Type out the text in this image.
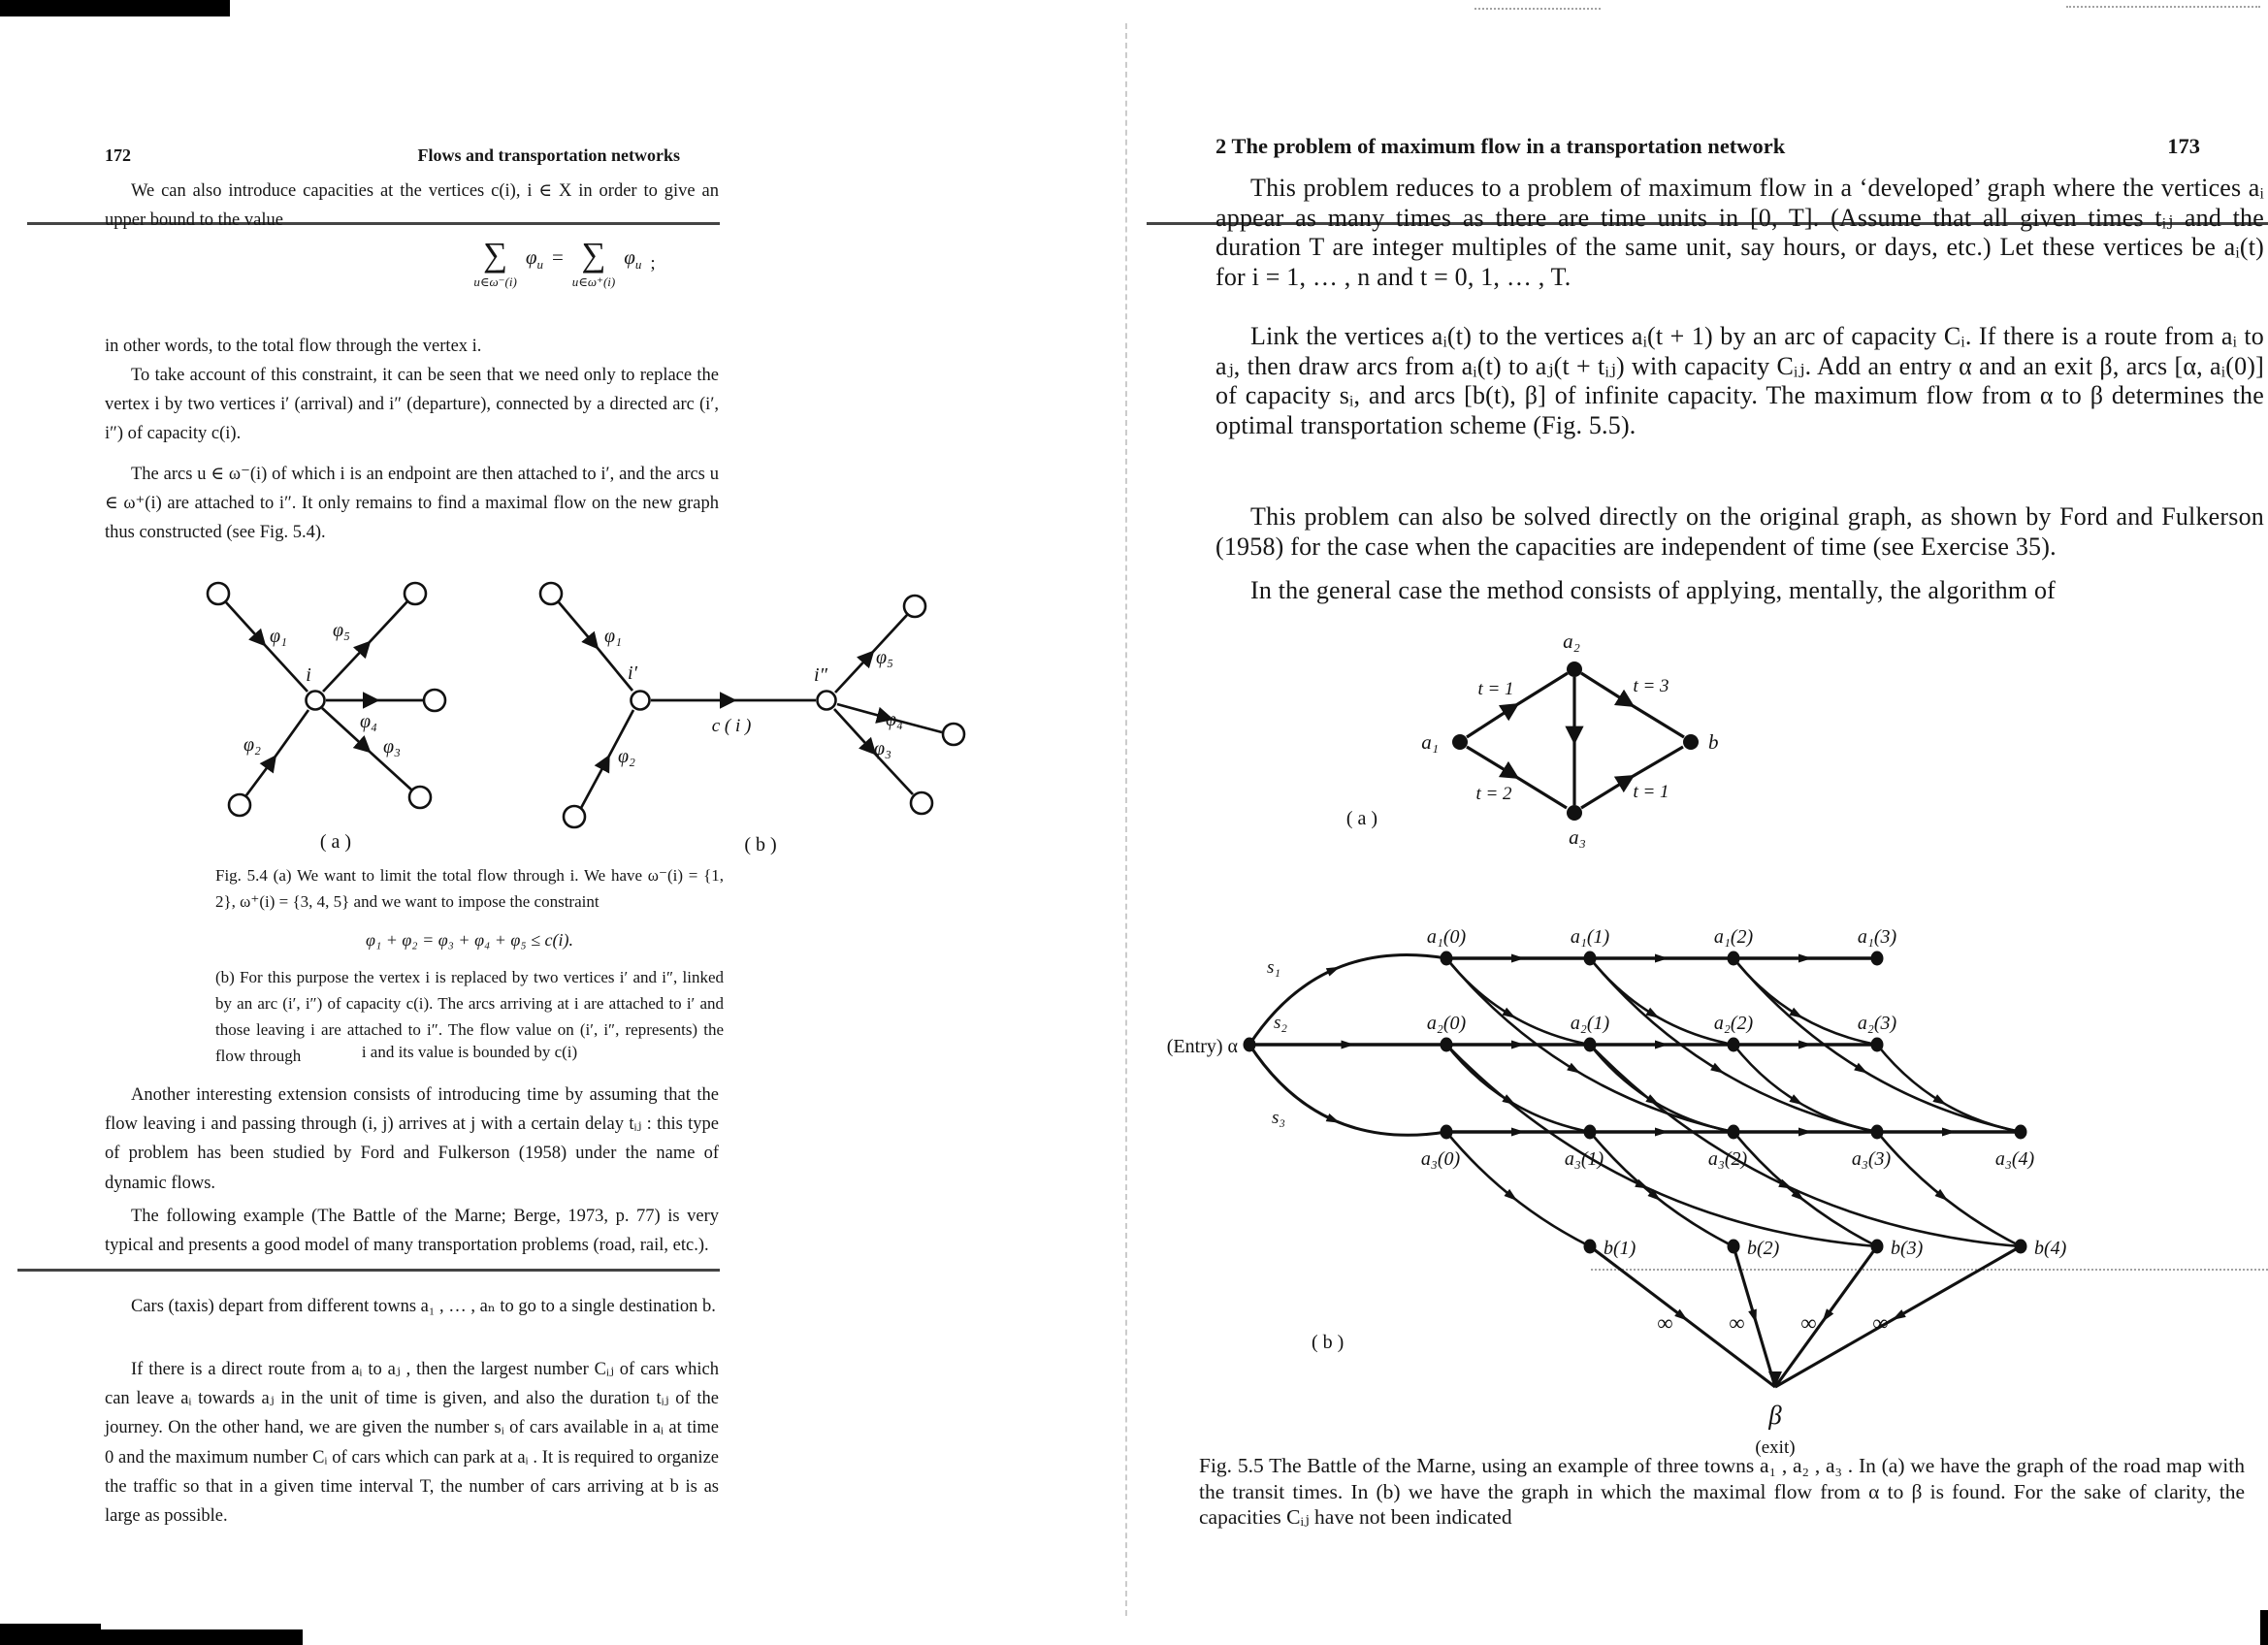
172	Flows and transportation networks

We can also introduce capacities at the vertices c(i), i ∈ X in order to give an upper bound to the value

∑
u∈ω⁻(i)
$\varphi_u$ = ∑
u∈ω⁺(i)
$\varphi_u$ ;

in other words, to the total flow through the vertex i.

To take account of this constraint, it can be seen that we need only to replace the vertex i by two vertices i′ (arrival) and i″ (departure), connected by a directed arc (i′, i″) of capacity c(i).

The arcs u ∈ ω⁻(i) of which i is an endpoint are then attached to i′, and the arcs u ∈ ω⁺(i) are attached to i″. It only remains to find a maximal flow on the new graph thus constructed (see Fig. 5.4).

i
φ₁
φ₂	φ₃
φ₄
φ₅
i′	i″
c ( i )
φ₁
φ₂	φ₃
φ₄
φ₅
( a )	( b )

Fig. 5.4 (a) We want to limit the total flow through i. We have ω⁻(i) = {1, 2}, ω⁺(i) = {3, 4, 5} and we want to impose the constraint

φ₁ + φ₂ = φ₃ + φ₄ + φ₅ ≤ c(i).

(b) For this purpose the vertex i is replaced by two vertices i′ and i″, linked by an arc (i′, i″) of capacity c(i). The arcs arriving at i are attached to i′ and those leaving i are attached to i″. The flow value on (i′, i″, represents) the flow through	i and its value is bounded by c(i)

Another interesting extension consists of introducing time by assuming that the flow leaving i and passing through (i, j) arrives at j with a certain delay tᵢⱼ : this type of problem has been studied by Ford and Fulkerson (1958) under the name of dynamic flows.

The following example (The Battle of the Marne; Berge, 1973, p. 77) is very typical and presents a good model of many transportation problems (road, rail, etc.).

Cars (taxis) depart from different towns a₁ , … , aₙ to go to a single destination b.

If there is a direct route from aᵢ to aⱼ , then the largest number Cᵢⱼ of cars which can leave aᵢ towards aⱼ in the unit of time is given, and also the duration tᵢⱼ of the journey. On the other hand, we are given the number sᵢ of cars available in aᵢ at time 0 and the maximum number Cᵢ of cars which can park at aᵢ . It is required to organize the traffic so that in a given time interval T, the number of cars arriving at b is as large as possible.

2 The problem of maximum flow in a transportation network	173

This problem reduces to a problem of maximum flow in a ‘developed’ graph where the vertices aᵢ appear as many times as there are time units in [0, T]. (Assume that all given times tᵢⱼ and the duration T are integer multiples of the same unit, say hours, or days, etc.) Let these vertices be aᵢ(t) for i = 1, … , n and t = 0, 1, … , T.

Link the vertices aᵢ(t) to the vertices aᵢ(t + 1) by an arc of capacity Cᵢ. If there is a route from aᵢ to aⱼ, then draw arcs from aᵢ(t) to aⱼ(t + tᵢⱼ) with capacity Cᵢⱼ. Add an entry α and an exit β, arcs [α, aᵢ(0)] of capacity sᵢ, and arcs [b(t), β] of infinite capacity. The maximum flow from α to β determines the optimal transportation scheme (Fig. 5.5).

This problem can also be solved directly on the original graph, as shown by Ford and Fulkerson (1958) for the case when the capacities are independent of time (see Exercise 35).

In the general case the method consists of applying, mentally, the algorithm of

a₁
a₂
a₃
b
t = 1	t = 3
t = 2	t = 1
( a )
s₁
s₂
s₃
∞	∞	∞	∞
a₁(0)	a₁(1)	a₁(2)	a₁(3)
a₂(0)	a₂(1)	a₂(2)	a₂(3)
a₃(0)	a₃(1)	a₃(2)	a₃(3)	a₃(4)
b(1)	b(2)	b(3)	b(4)
(Entry) α
β
(exit)
( b )

Fig. 5.5 The Battle of the Marne, using an example of three towns a₁ , a₂ , a₃ . In (a) we have the graph of the road map with the transit times. In (b) we have the graph in which the maximal flow from α to β is found. For the sake of clarity, the capacities Cᵢⱼ have not been indicated
